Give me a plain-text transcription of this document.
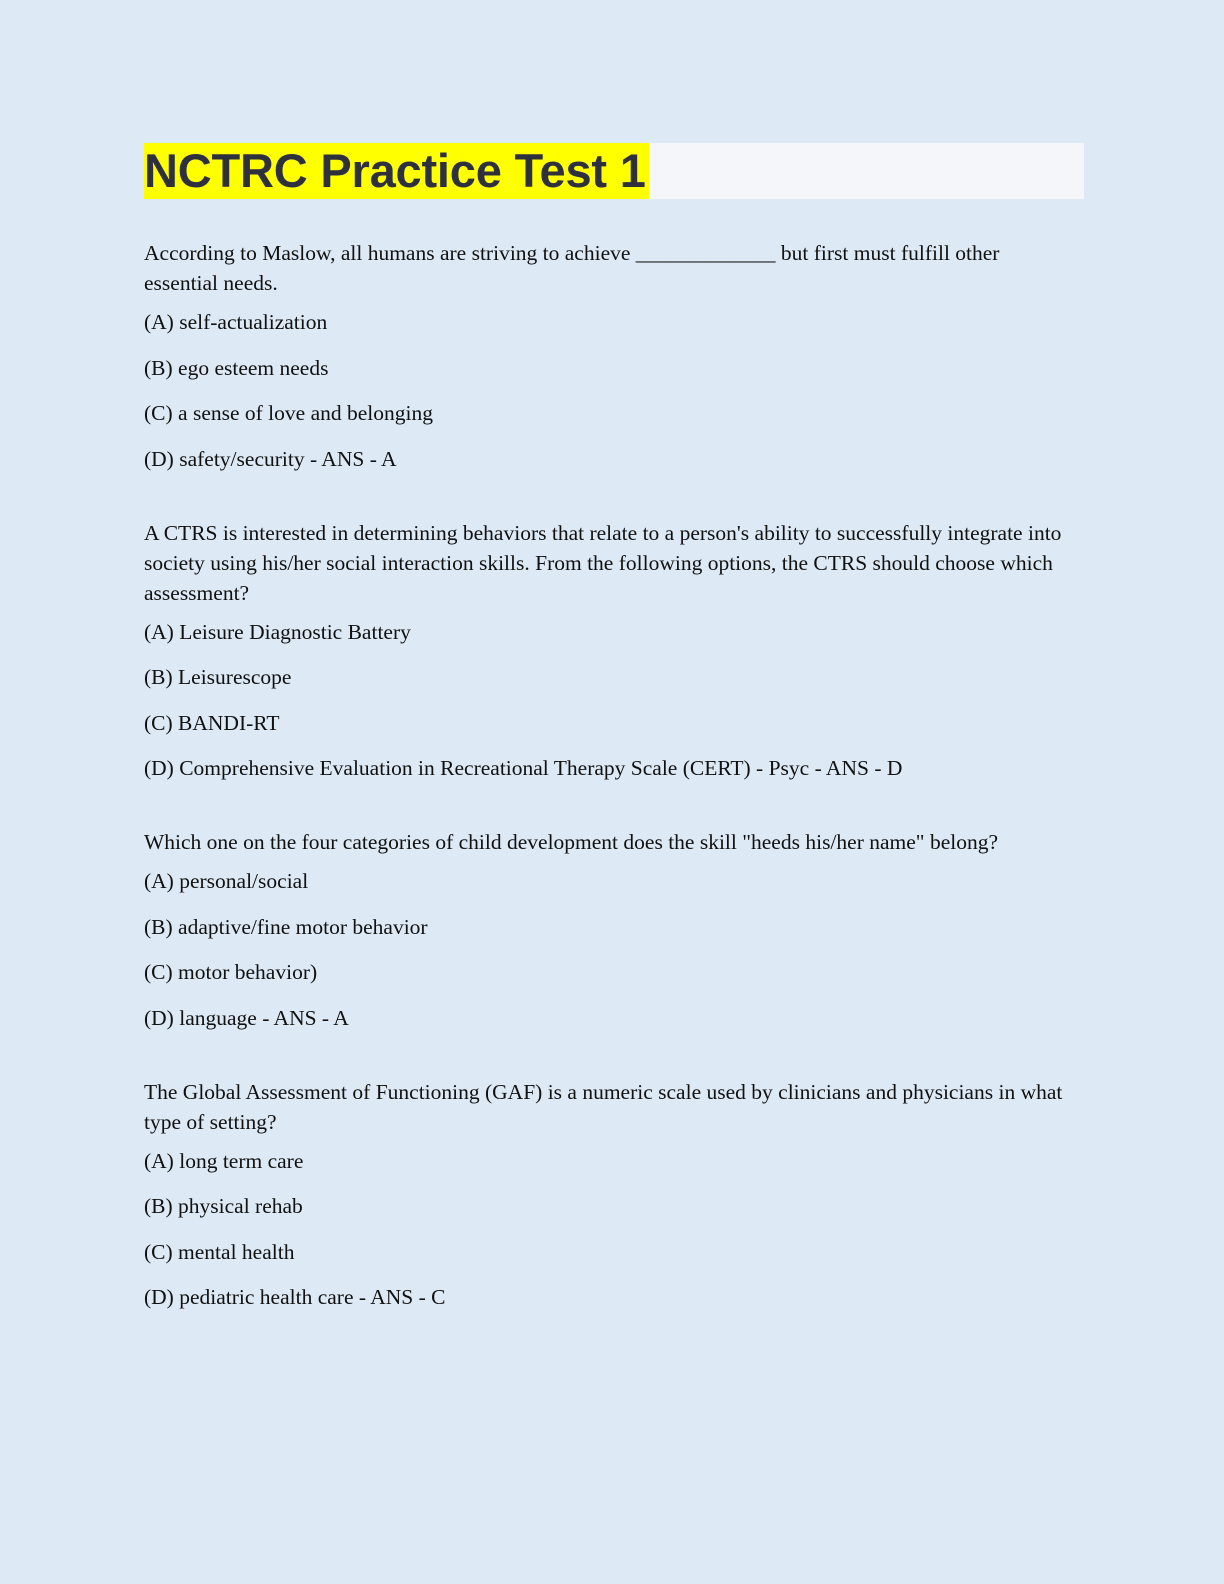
NCTRC Practice Test 1

According to Maslow, all humans are striving to achieve _____________ but first must fulfill other essential needs.

(A) self-actualization

(B) ego esteem needs

(C) a sense of love and belonging

(D) safety/security - ANS - A

A CTRS is interested in determining behaviors that relate to a person's ability to successfully integrate into society using his/her social interaction skills. From the following options, the CTRS should choose which assessment?

(A) Leisure Diagnostic Battery

(B) Leisurescope

(C) BANDI-RT

(D) Comprehensive Evaluation in Recreational Therapy Scale (CERT) - Psyc - ANS - D

Which one on the four categories of child development does the skill "heeds his/her name" belong?

(A) personal/social

(B) adaptive/fine motor behavior

(C) motor behavior)

(D) language - ANS - A

The Global Assessment of Functioning (GAF) is a numeric scale used by clinicians and physicians in what type of setting?

(A) long term care

(B) physical rehab

(C) mental health

(D) pediatric health care - ANS - C
